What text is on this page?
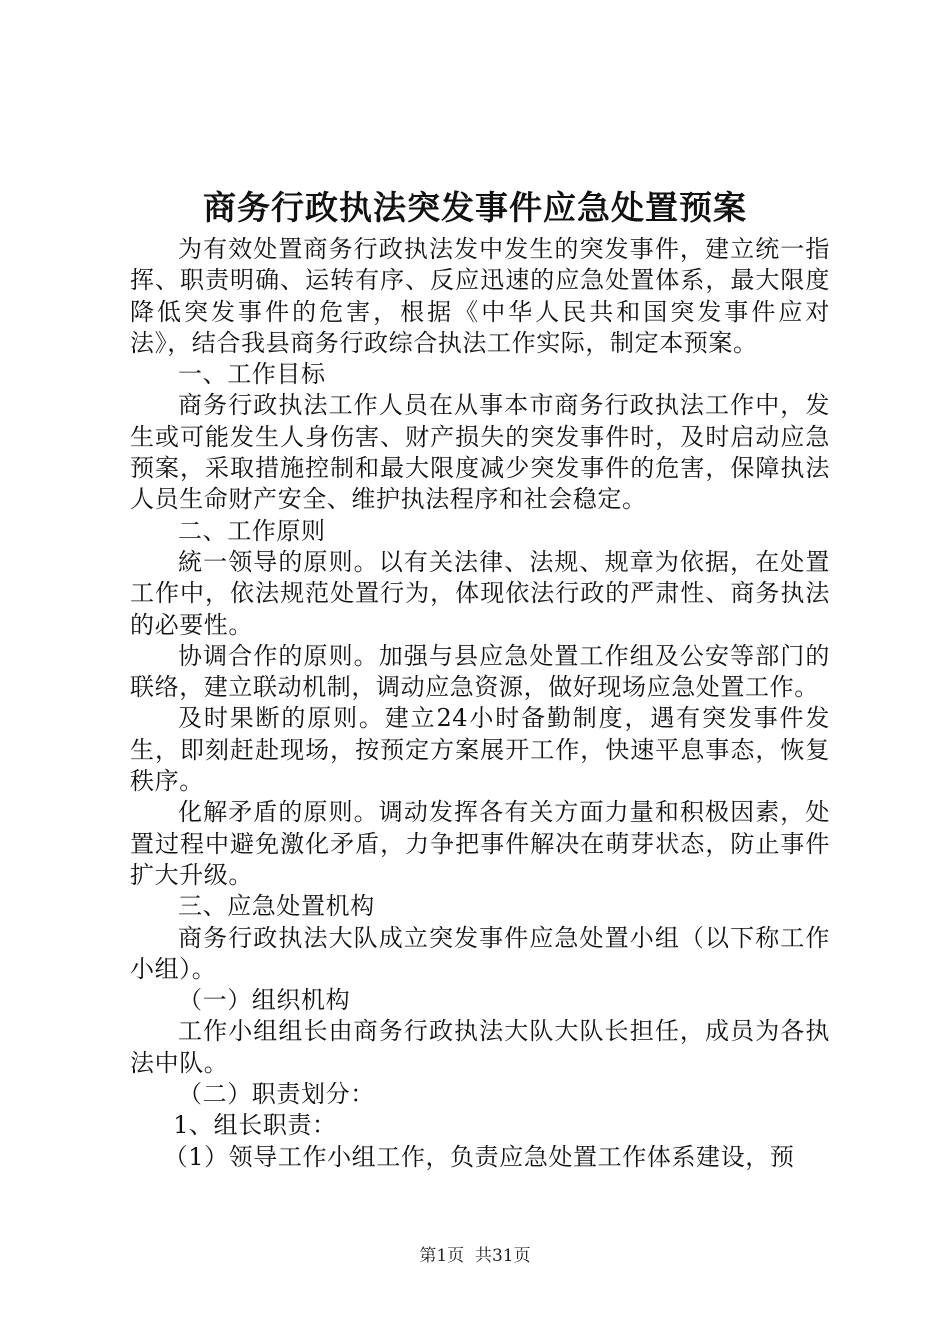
商务行政执法突发事件应急处置预案

为有效处置商务行政执法发中发生的突发事件，建立统一指挥、职责明确、运转有序、反应迅速的应急处置体系，最大限度降低突发事件的危害，根据《中华人民共和国突发事件应对法》，结合我县商务行政综合执法工作实际，制定本预案。

一、工作目标

商务行政执法工作人员在从事本市商务行政执法工作中，发生或可能发生人身伤害、财产损失的突发事件时，及时启动应急预案，采取措施控制和最大限度减少突发事件的危害，保障执法人员生命财产安全、维护执法程序和社会稳定。

二、工作原则

統一领导的原则。以有关法律、法规、规章为依据，在处置工作中，依法规范处置行为，体现依法行政的严肃性、商务执法的必要性。

协调合作的原则。加强与县应急处置工作组及公安等部门的联络，建立联动机制，调动应急资源，做好现场应急处置工作。

及时果断的原则。建立24小时备勤制度，遇有突发事件发生，即刻赶赴现场，按预定方案展开工作，快速平息事态，恢复秩序。

化解矛盾的原则。调动发挥各有关方面力量和积极因素，处置过程中避免激化矛盾，力争把事件解决在萌芽状态，防止事件扩大升级。

三、应急处置机构

商务行政执法大队成立突发事件应急处置小组（以下称工作小组）。

（一）组织机构

工作小组组长由商务行政执法大队大队长担任，成员为各执法中队。

（二）职责划分：

1、组长职责：

（1）领导工作小组工作，负责应急处置工作体系建设，预

第1页  共31页
